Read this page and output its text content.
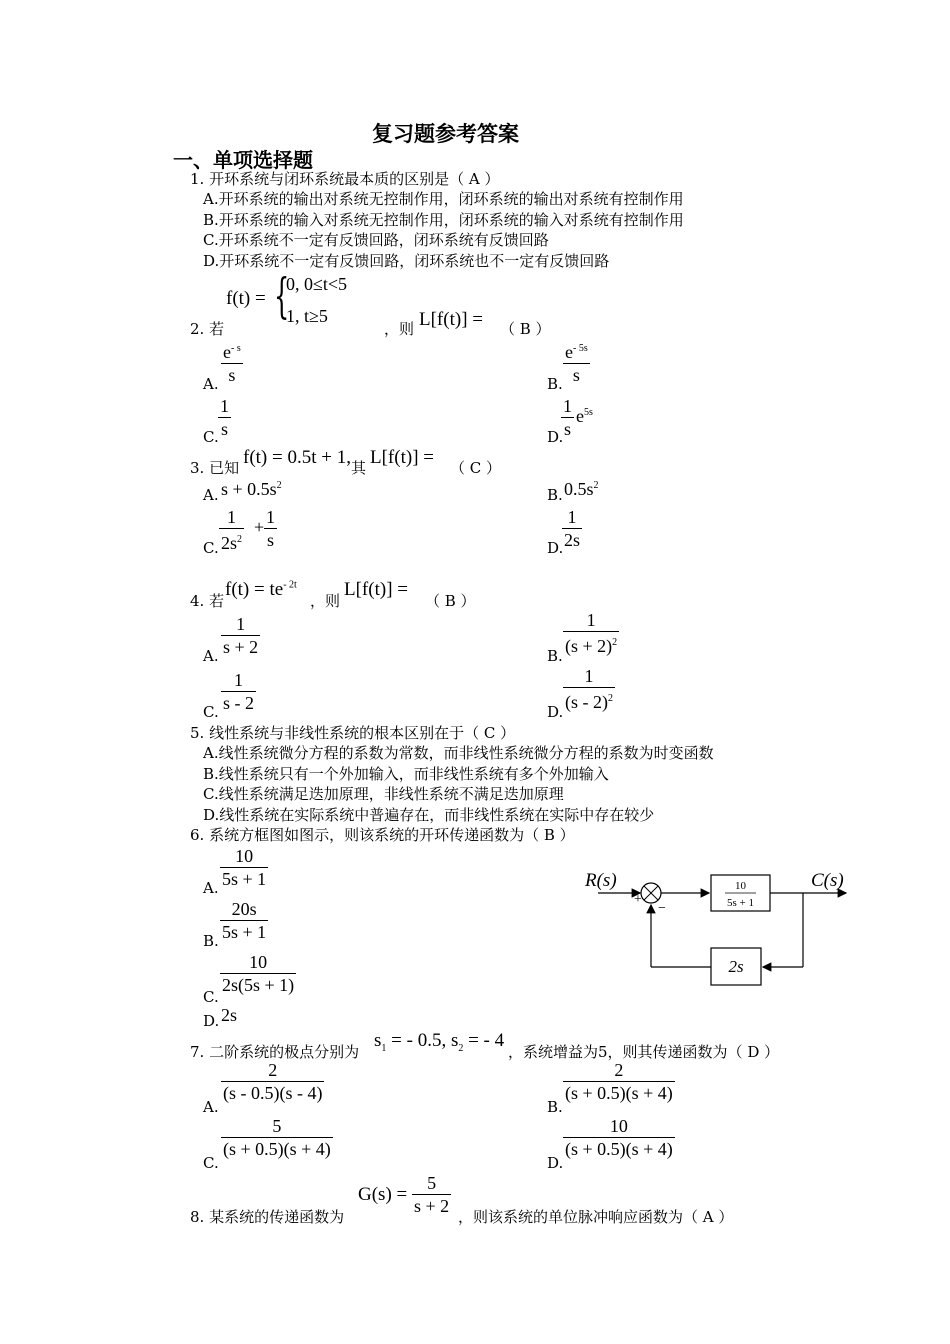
复习题参考答案
一、单项选择题
1. 开环系统与闭环系统最本质的区别是（ A ）
A.开环系统的输出对系统无控制作用，闭环系统的输出对系统有控制作用
B.开环系统的输入对系统无控制作用，闭环系统的输入对系统有控制作用
C.开环系统不一定有反馈回路，闭环系统有反馈回路
D.开环系统不一定有反馈回路，闭环系统也不一定有反馈回路
f(t) = {
0, 0≤t<5
1, t≥5
2. 若	，则 L[f(t)] = （ B ）
A.
$e^{- s}$
s	B.
$e^{- 5s}$
s
C.
1
s	D.
1
s
$e^{5s}$
3. 已知 f(t) = 0.5t + 1, 其 L[f(t)] = （ C ）
A. $s + 0.5s^2$
B. $0.5s^2$
C.
1
$2s^2$
+ 1
s	D.
1
2s
4. 若
$f(t) = te^{- 2t}$
，则
L[f(t)] =
（ B ）
A.
1
s + 2	B.
1
$(s + 2)^2$
C.
1
s - 2	D.
1
(s - 2)$^2$
5. 线性系统与非线性系统的根本区别在于（ C ）
A.线性系统微分方程的系数为常数，而非线性系统微分方程的系数为时变函数
B.线性系统只有一个外加输入，而非线性系统有多个外加输入
C.线性系统满足迭加原理，非线性系统不满足迭加原理
D.线性系统在实际系统中普遍存在，而非线性系统在实际中存在较少
6. 系统方框图如图示，则该系统的开环传递函数为（ B ）
A.
10
5s + 1
B.
20s
5s + 1
C.
10
2s(5s + 1)
D. 2s
R(s)
+
−
10
5s + 1
C(s)
2s
7. 二阶系统的极点分别为
$s_1$ = - 0.5, $s_2$ = - 4
，系统增益为5，则其传递函数为（ D ）
A.
2
(s - 0.5)(s - 4)
B.
2
(s + 0.5)(s + 4)
C.
5
(s + 0.5)(s + 4)
D.
10
(s + 0.5)(s + 4)
8. 某系统的传递函数为
G(s) =
5
s + 2
，则该系统的单位脉冲响应函数为（ A ）
